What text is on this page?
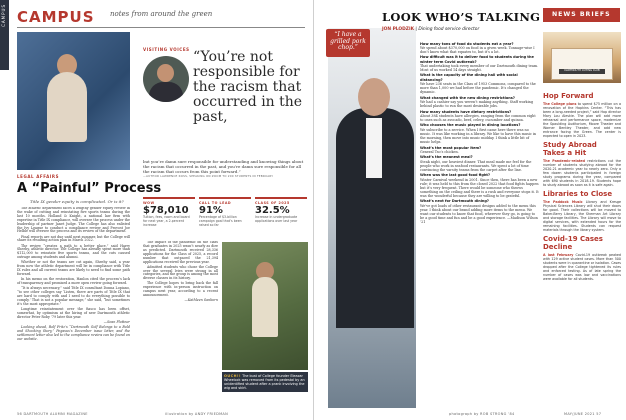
CAMPUS CAMPUS notes from around the green
LEGAL AFFAIRS
A “Painful” Process
Title IX gender equity is complicated. Or is it?

The athletic department faces a lengthy gender equity review in the wake of cutting and reinstating five sports teams during the last 10 months. Holland & Knight, a national law firm with expertise in Title IX compliance, will oversee the process under the leadership of partner Janet Judge. The College has also enlisted the Ivy League to conduct a compliance review and Provost Joe Helble will oversee the process and its review of the department.

Final reports are not due until next summer, but the College will share its resulting action plan in March 2022.

The review “creates a path to a better place,” said Harry Sheehy, athletic director. The College has already spent more than $112,000 to reinstate five sports teams, and the cuts caused outrage among students and alumni.

Whether or not the teams are cut again, Sheehy said, a year from now the athletic department will be in compliance with Title IX rules and all current teams are likely to need to find some path forward.

In his memo on the restoration, Hanlon cited the process’s lack of transparency and promised a more open review going forward.

“It is always necessary,” said Title IX consultant Donna Lopiano, “to see other colleges say ‘Listen, there are parts of Title IX that are hard to comply with and I need to do everything possible to comply.’ That is not a popular message,” she said, “but sometimes it’s the most appropriate.”

Longtime reinstatement over the fiasco has been offset, somewhat, by optimism at the hiring of new Dartmouth athletic director Peter Roby ’79 later this year.

—Sean Plottner

Looking ahead, Rolf Fritz’s “Dartmouth Golf Belongs to a Bold and Shocking Story,” Pegasus’s December issue letter, and the settlement letter also led to the compliance review can be found on our website.

VISITING VOICES “You’re not responsible for the racism that occurred in the past,
but you’re damn sure responsible for understanding and knowing things about the racism that occurred in the past, and you’re damn sure responsible for all the racism that occurs from this point forward.”
—AUTHOR LAWRENCE ROSS, SPEAKING ON ZOOM TO 200 STUDENTS IN FEBRUARY
WOW
$78,010
Tuition, fees, room and board for next year, a 2-percent increase
CALL TO LEAD
91%
Percentage of $3-billion campaign goal that’s been raised so far
CLASS OF 2025
32.5%
Increase in undergraduate applications over last year

The impact of the pandemic on the class that graduates in 2025 wasn’t nearly as dire as predicted. Dartmouth received 28,336 applications for the Class of 2025, a record number that outpaced the 21,394 applications received the previous year.

Admitted students who chose the College over the several Ivies were strong in all categories, and the group is among the most diverse classes in its history.

The College hopes to bring back the fall experience with in-person instruction on campus next year, according to a recent announcement.

—Kathleen Sanborn

OUCH!! The bust of College founder Eleazar Wheelock was removed from its pedestal by an unidentified student after a prank involving the wig and skirt.
56 DARTMOUTH ALUMNI MAGAZINE	illustration by ANDY FRIEDMAN
“I have a grilled pork chop.”
LOOK WHO’S TALKING
JON PLODZIK | Dining food service director
How many tons of food do students eat a year?
We spend about $370,000 on food in a given week. Tonnage-wise I don’t know what that equates to, but it’s a lot.
How difficult was it to deliver food to students during the winter term Covid outbreak?
That undertaking took every member of our Dartmouth dining team. Most of us worked 14 days straight.
What is the capacity of the dining hall with social distancing?
We have 236 seats in the Class of 1953 Commons, compared to the more than 1,000 we had before the pandemic. It’s changed the dynamic.
What changed with the new dining restrictions?
We had a cashier say you weren’t making anything. Staff working behind plastic to run the most desirable jobs.
How many students have dietary restrictions?
About 384 students have allergies, ranging from the common eight to ones such as avocado, beef, celery, cucumber and quinoa.
Who chooses the music played in dining locations?
We subscribe to a service. When I first came here there was no music. It was like working in a library. We like to have this music in the morning, then move into music midday. I think a little bit of music helps.
What’s the most popular item?
General Tso’s chicken.
What’s the meanest meal?
Steak night, our heaviest dinner. That meal made me feel for the people who work in seafood restaurants. We spent a lot of time convincing the varsity teams from the carpet after the line.
When was the last good food fight?
Winter Carnival weekend in 2001. Since then, there has been a new rule; it was held to this from the closed 2022 that food fights happen but it’s very frequent. There would be someone who throws something on the ceiling and there is a rush and everyone stops it. It was the wonderful because they are willing to be grateful.
What’s next for Dartmouth dining?
We’ve got loads of other restaurant designs added to the menu this year. I think about our brand adding more items to the menu. We want our students to know that food, wherever they go, is going to be a good time and fun and be a good experience. —Madison Wilson ’21
NEWS BRIEFS
DARTMOUTH OUTING CLUB
Hop Forward

The College plans to spend $75 million on a renovation of the Hopkins Center. “This has been a long-needed project,” said Hop director Mary Lou Aleskie. The plan will add more rehearsal and performance space, modernize the Spaulding Auditorium, Moore Theater and Warner Bentley Theater, and add new entrance facing the Green. The center is expected to open in 2023.

Study Abroad Takes a Hit

The Pandemic-related restrictions cut the number of students studying abroad for the 2020-21 academic year to nearly zero. Only a few dozen students participated in foreign study programs during the year, compared with 690 students in 2018-19. Students hope to study abroad as soon as it is safe again.

Libraries to Close

The Paddock Music Library and Kresge Physical Sciences Library will shut their doors for good. Their collections will be moved to Baker-Berry Library, the Sherman Art Library and storage facilities. The Library will move to digital services, with extended hours for the remaining facilities. Students can request materials through the library system.

Covid-19 Cases Decline

A last February Covid-19 outbreak peaked with 129 active student cases. More than 500 students were in quarantine or isolation. Cases dropped after the College tightened its rules and enforced testing. As of late spring the number of cases was low and vaccinations were available for all students.

photograph by ROB STRONG ’84	MAY/JUNE 2021 57
